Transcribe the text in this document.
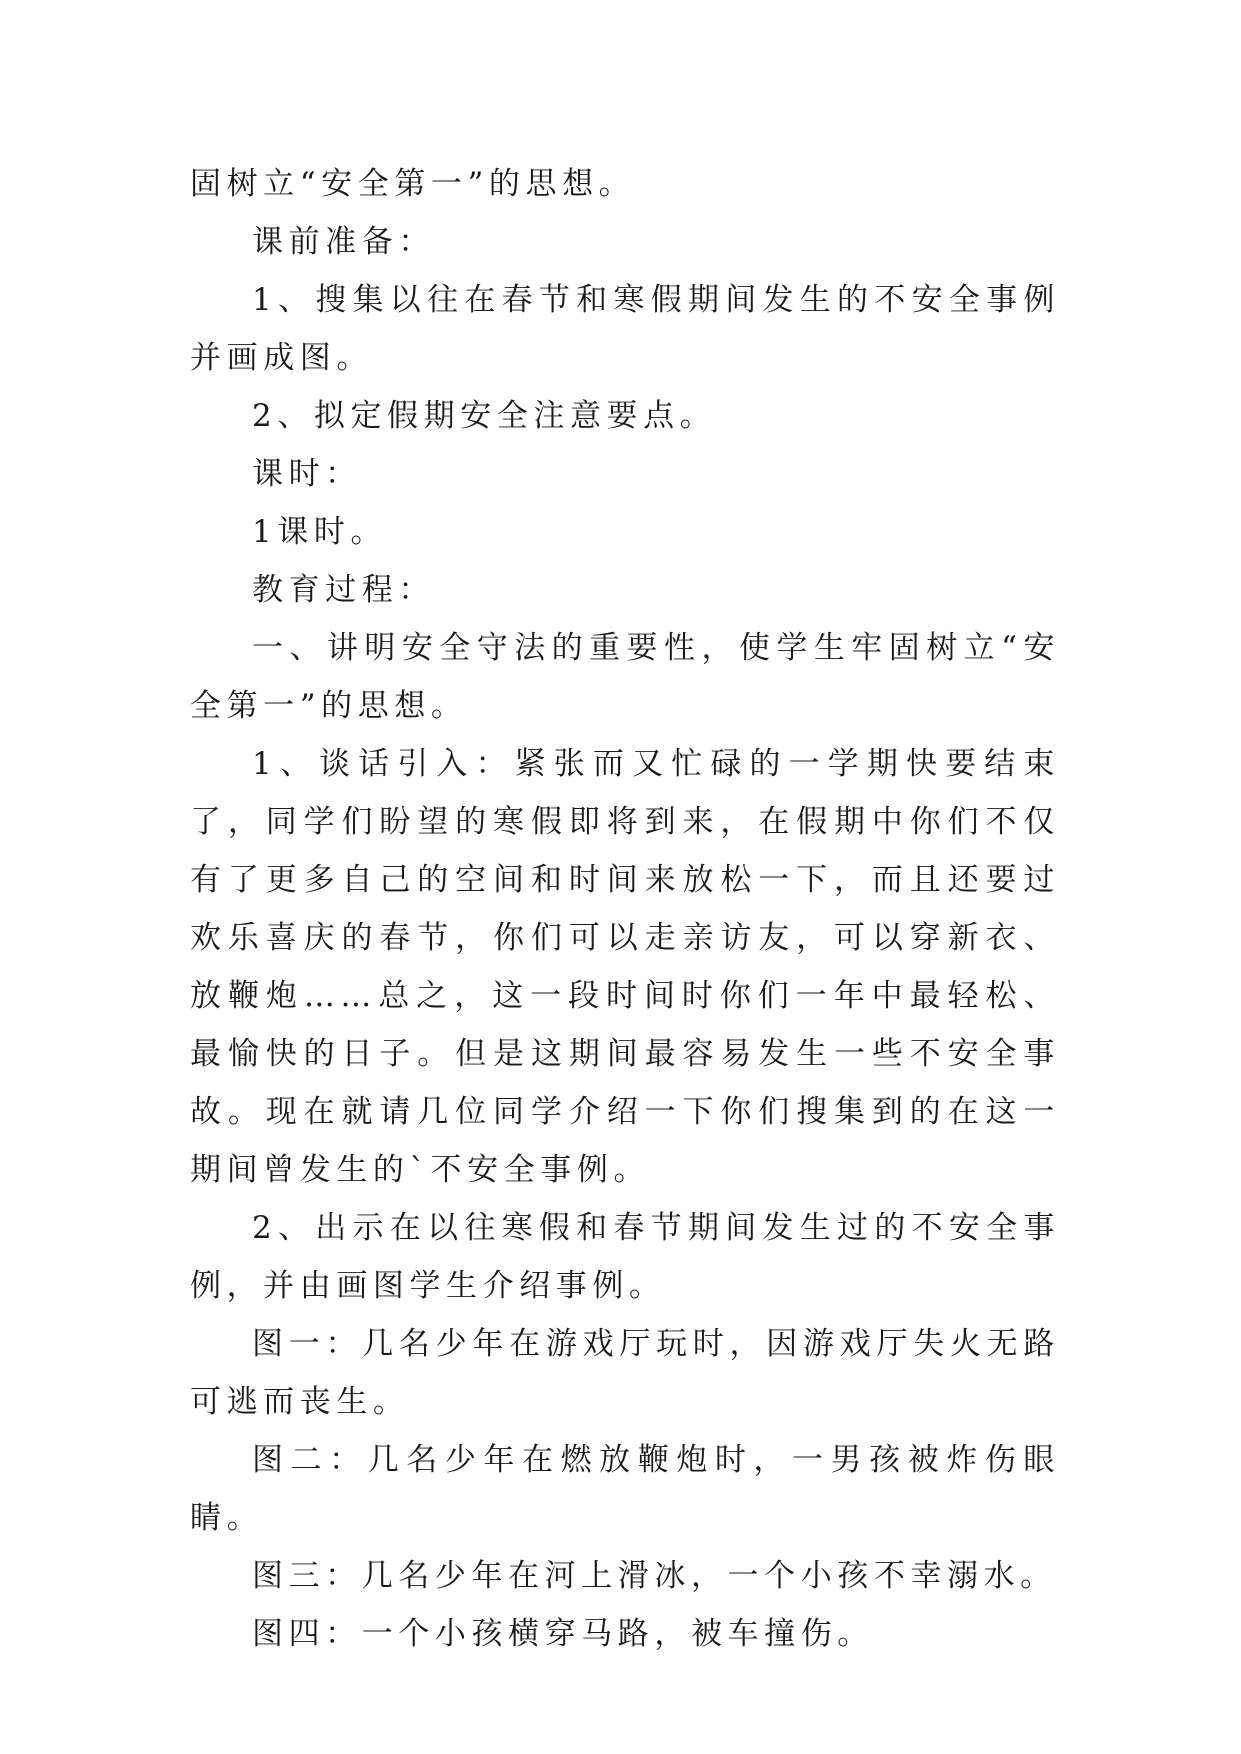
固树立“安全第一”的思想。

课前准备：

1、搜集以往在春节和寒假期间发生的不安全事例并画成图。

2、拟定假期安全注意要点。

课时：

1课时。

教育过程：

一、讲明安全守法的重要性，使学生牢固树立“安全第一”的思想。

1、谈话引入：紧张而又忙碌的一学期快要结束了，同学们盼望的寒假即将到来，在假期中你们不仅有了更多自己的空间和时间来放松一下，而且还要过欢乐喜庆的春节，你们可以走亲访友，可以穿新衣、放鞭炮……总之，这一段时间时你们一年中最轻松、最愉快的日子。但是这期间最容易发生一些不安全事故。现在就请几位同学介绍一下你们搜集到的在这一期间曾发生的`不安全事例。

2、出示在以往寒假和春节期间发生过的不安全事例，并由画图学生介绍事例。

图一：几名少年在游戏厅玩时，因游戏厅失火无路可逃而丧生。

图二：几名少年在燃放鞭炮时，一男孩被炸伤眼睛。

图三：几名少年在河上滑冰，一个小孩不幸溺水。

图四：一个小孩横穿马路，被车撞伤。
